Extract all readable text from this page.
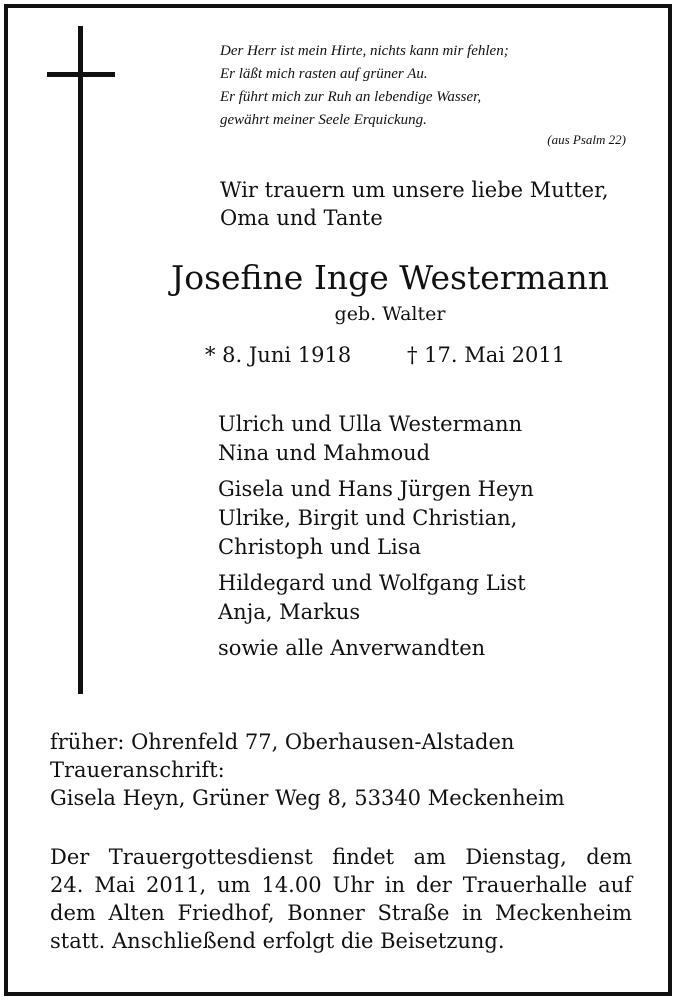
Der Herr ist mein Hirte, nichts kann mir fehlen;
Er läßt mich rasten auf grüner Au.
Er führt mich zur Ruh an lebendige Wasser,
gewährt meiner Seele Erquickung.

(aus Psalm 22)

Wir trauern um unsere liebe Mutter,
Oma und Tante

Josefine Inge Westermann
geb. Walter
* 8. Juni 1918	† 17. Mai 2011
Ulrich und Ulla Westermann
Nina und Mahmoud
Gisela und Hans Jürgen Heyn
Ulrike, Birgit und Christian,
Christoph und Lisa
Hildegard und Wolfgang List
Anja, Markus
sowie alle Anverwandten

früher: Ohrenfeld 77, Oberhausen-Alstaden
Traueranschrift:
Gisela Heyn, Grüner Weg 8, 53340 Meckenheim

Der Trauergottesdienst findet am Dienstag, dem
24. Mai 2011, um 14.00 Uhr in der Trauerhalle auf
dem Alten Friedhof, Bonner Straße in Meckenheim
statt. Anschließend erfolgt die Beisetzung.
